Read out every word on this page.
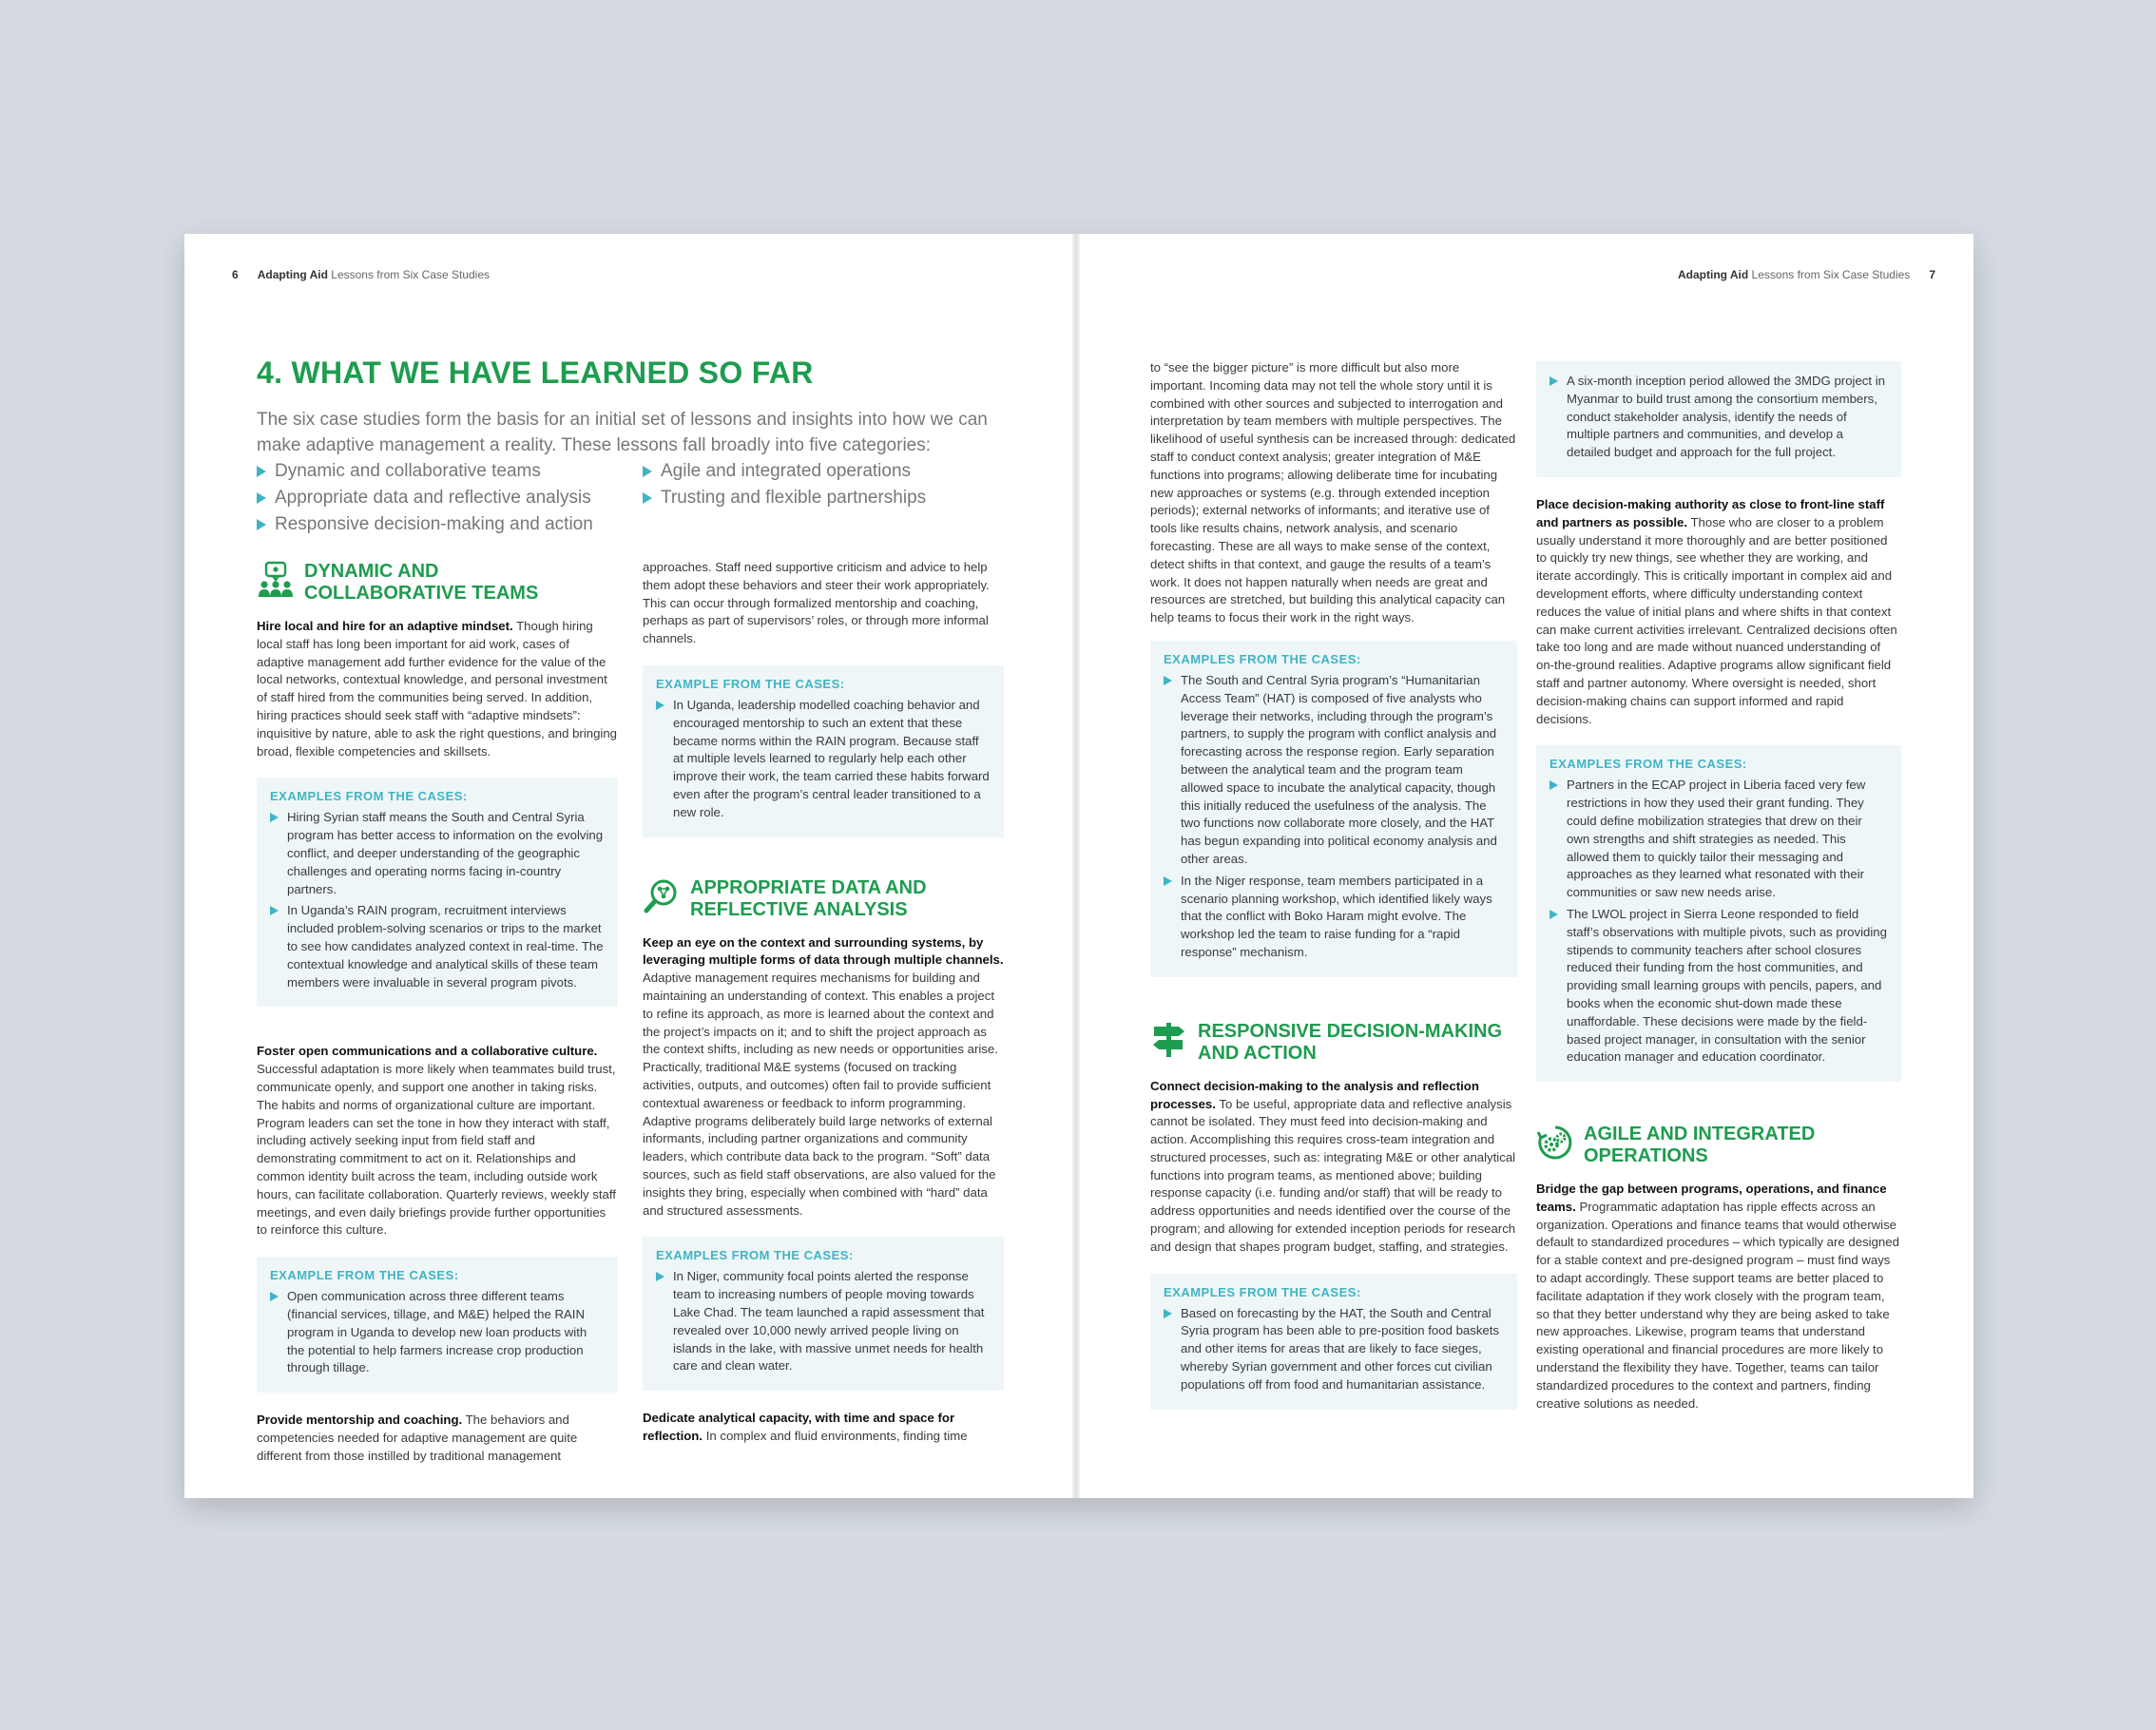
6 Adapting Aid Lessons from Six Case Studies
4. WHAT WE HAVE LEARNED SO FAR
The six case studies form the basis for an initial set of lessons and insights into how we can make adaptive management a reality. These lessons fall broadly into five categories:
Dynamic and collaborative teams	Agile and integrated operations
Appropriate data and reflective analysis	Trusting and flexible partnerships
Responsive decision-making and action
DYNAMIC AND COLLABORATIVE TEAMS

Hire local and hire for an adaptive mindset. Though hiring local staff has long been important for aid work, cases of adaptive management add further evidence for the value of the local networks, contextual knowledge, and personal investment of staff hired from the communities being served. In addition, hiring practices should seek staff with “adaptive mindsets”: inquisitive by nature, able to ask the right questions, and bringing broad, flexible competencies and skillsets.

EXAMPLES FROM THE CASES:
Hiring Syrian staff means the South and Central Syria program has better access to information on the evolving conflict, and deeper understanding of the geographic challenges and operating norms facing in-country partners.
In Uganda’s RAIN program, recruitment interviews included problem-solving scenarios or trips to the market to see how candidates analyzed context in real-time. The contextual knowledge and analytical skills of these team members were invaluable in several program pivots.

Foster open communications and a collaborative culture. Successful adaptation is more likely when teammates build trust, communicate openly, and support one another in taking risks. The habits and norms of organizational culture are important. Program leaders can set the tone in how they interact with staff, including actively seeking input from field staff and demonstrating commitment to act on it. Relationships and common identity built across the team, including outside work hours, can facilitate collaboration. Quarterly reviews, weekly staff meetings, and even daily briefings provide further opportunities to reinforce this culture.

EXAMPLE FROM THE CASES:
Open communication across three different teams (financial services, tillage, and M&E) helped the RAIN program in Uganda to develop new loan products with the potential to help farmers increase crop production through tillage.

Provide mentorship and coaching. The behaviors and competencies needed for adaptive management are quite different from those instilled by traditional management

approaches. Staff need supportive criticism and advice to help them adopt these behaviors and steer their work appropriately. This can occur through formalized mentorship and coaching, perhaps as part of supervisors’ roles, or through more informal channels.

EXAMPLE FROM THE CASES:
In Uganda, leadership modelled coaching behavior and encouraged mentorship to such an extent that these became norms within the RAIN program. Because staff at multiple levels learned to regularly help each other improve their work, the team carried these habits forward even after the program’s central leader transitioned to a new role.
APPROPRIATE DATA AND REFLECTIVE ANALYSIS

Keep an eye on the context and surrounding systems, by leveraging multiple forms of data through multiple channels. Adaptive management requires mechanisms for building and maintaining an understanding of context. This enables a project to refine its approach, as more is learned about the context and the project’s impacts on it; and to shift the project approach as the context shifts, including as new needs or opportunities arise. Practically, traditional M&E systems (focused on tracking activities, outputs, and outcomes) often fail to provide sufficient contextual awareness or feedback to inform programming. Adaptive programs deliberately build large networks of external informants, including partner organizations and community leaders, which contribute data back to the program. “Soft” data sources, such as field staff observations, are also valued for the insights they bring, especially when combined with “hard” data and structured assessments.

EXAMPLES FROM THE CASES:
In Niger, community focal points alerted the response team to increasing numbers of people moving towards Lake Chad. The team launched a rapid assessment that revealed over 10,000 newly arrived people living on islands in the lake, with massive unmet needs for health care and clean water.

Dedicate analytical capacity, with time and space for reflection. In complex and fluid environments, finding time

Adapting Aid Lessons from Six Case Studies 7

to “see the bigger picture” is more difficult but also more important. Incoming data may not tell the whole story until it is combined with other sources and subjected to interrogation and interpretation by team members with multiple perspectives. The likelihood of useful synthesis can be increased through: dedicated staff to conduct context analysis; greater integration of M&E functions into programs; allowing deliberate time for incubating new approaches or systems (e.g. through extended inception periods); external networks of informants; and iterative use of tools like results chains, network analysis, and scenario forecasting. These are all ways to make sense of the context, detect shifts in that context, and gauge the results of a team’s work. It does not happen naturally when needs are great and resources are stretched, but building this analytical capacity can help teams to focus their work in the right ways.

EXAMPLES FROM THE CASES:
The South and Central Syria program’s “Humanitarian Access Team” (HAT) is composed of five analysts who leverage their networks, including through the program’s partners, to supply the program with conflict analysis and forecasting across the response region. Early separation between the analytical team and the program team allowed space to incubate the analytical capacity, though this initially reduced the usefulness of the analysis. The two functions now collaborate more closely, and the HAT has begun expanding into political economy analysis and other areas.
In the Niger response, team members participated in a scenario planning workshop, which identified likely ways that the conflict with Boko Haram might evolve. The workshop led the team to raise funding for a “rapid response” mechanism.
RESPONSIVE DECISION-MAKING AND ACTION

Connect decision-making to the analysis and reflection processes. To be useful, appropriate data and reflective analysis cannot be isolated. They must feed into decision-making and action. Accomplishing this requires cross-team integration and structured processes, such as: integrating M&E or other analytical functions into program teams, as mentioned above; building response capacity (i.e. funding and/or staff) that will be ready to address opportunities and needs identified over the course of the program; and allowing for extended inception periods for research and design that shapes program budget, staffing, and strategies.

EXAMPLES FROM THE CASES:
Based on forecasting by the HAT, the South and Central Syria program has been able to pre-position food baskets and other items for areas that are likely to face sieges, whereby Syrian government and other forces cut civilian populations off from food and humanitarian assistance.
A six-month inception period allowed the 3MDG project in Myanmar to build trust among the consortium members, conduct stakeholder analysis, identify the needs of multiple partners and communities, and develop a detailed budget and approach for the full project.

Place decision-making authority as close to front-line staff and partners as possible. Those who are closer to a problem usually understand it more thoroughly and are better positioned to quickly try new things, see whether they are working, and iterate accordingly. This is critically important in complex aid and development efforts, where difficulty understanding context reduces the value of initial plans and where shifts in that context can make current activities irrelevant. Centralized decisions often take too long and are made without nuanced understanding of on-the-ground realities. Adaptive programs allow significant field staff and partner autonomy. Where oversight is needed, short decision-making chains can support informed and rapid decisions.

EXAMPLES FROM THE CASES:
Partners in the ECAP project in Liberia faced very few restrictions in how they used their grant funding. They could define mobilization strategies that drew on their own strengths and shift strategies as needed. This allowed them to quickly tailor their messaging and approaches as they learned what resonated with their communities or saw new needs arise.
The LWOL project in Sierra Leone responded to field staff’s observations with multiple pivots, such as providing stipends to community teachers after school closures reduced their funding from the host communities, and providing small learning groups with pencils, papers, and books when the economic shut-down made these unaffordable. These decisions were made by the field-based project manager, in consultation with the senior education manager and education coordinator.
AGILE AND INTEGRATED OPERATIONS

Bridge the gap between programs, operations, and finance teams. Programmatic adaptation has ripple effects across an organization. Operations and finance teams that would otherwise default to standardized procedures – which typically are designed for a stable context and pre-designed program – must find ways to adapt accordingly. These support teams are better placed to facilitate adaptation if they work closely with the program team, so that they better understand why they are being asked to take new approaches. Likewise, program teams that understand existing operational and financial procedures are more likely to understand the flexibility they have. Together, teams can tailor standardized procedures to the context and partners, finding creative solutions as needed.
